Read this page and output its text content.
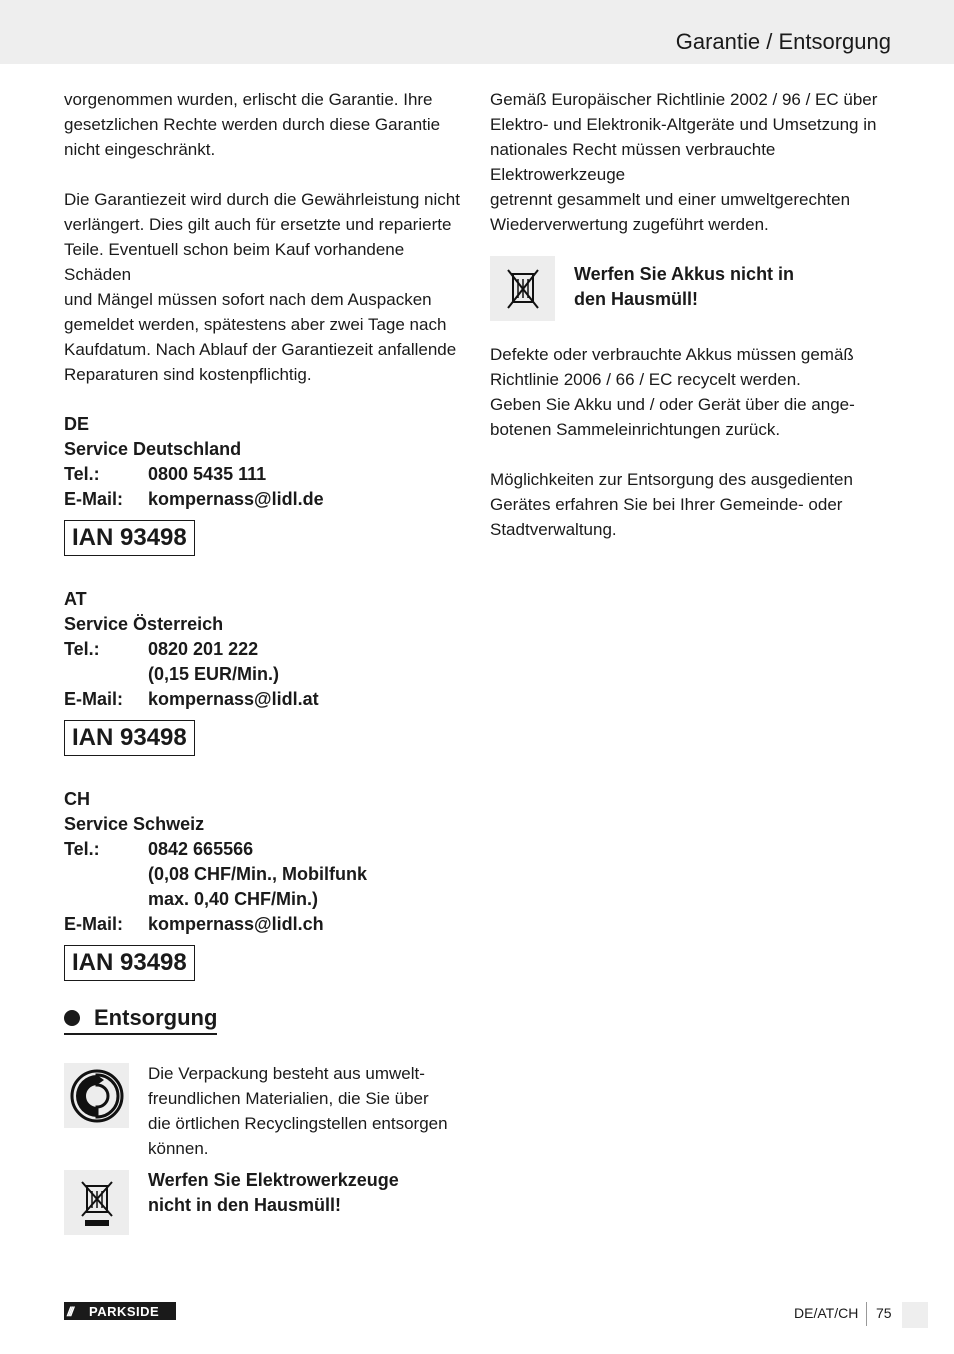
Garantie / Entsorgung

vorgenommen wurden, erlischt die Garantie. Ihre
gesetzlichen Rechte werden durch diese Garantie
nicht eingeschränkt.

Die Garantiezeit wird durch die Gewährleistung nicht
verlängert. Dies gilt auch für ersetzte und reparierte
Teile. Eventuell schon beim Kauf vorhandene Schäden
und Mängel müssen sofort nach dem Auspacken
gemeldet werden, spätestens aber zwei Tage nach
Kaufdatum. Nach Ablauf der Garantiezeit anfallende
Reparaturen sind kostenpflichtig.

DE
Service Deutschland
Tel.:	0800 5435 111
E-Mail:	kompernass@lidl.de
IAN 93498
AT
Service Österreich
Tel.:	0820 201 222
(0,15 EUR/Min.)
E-Mail:	kompernass@lidl.at
IAN 93498
CH
Service Schweiz
Tel.:	0842 665566
(0,08 CHF/Min., Mobilfunk
max. 0,40 CHF/Min.)
E-Mail:	kompernass@lidl.ch
IAN 93498
Entsorgung
Die Verpackung besteht aus umwelt-
freundlichen Materialien, die Sie über
die örtlichen Recyclingstellen entsorgen
können.
Werfen Sie Elektrowerkzeuge
nicht in den Hausmüll!

Gemäß Europäischer Richtlinie 2002 / 96 / EC über
Elektro- und Elektronik-Altgeräte und Umsetzung in
nationales Recht müssen verbrauchte Elektrowerkzeuge
getrennt gesammelt und einer umweltgerechten
Wiederverwertung zugeführt werden.

Werfen Sie Akkus nicht in
den Hausmüll!

Defekte oder verbrauchte Akkus müssen gemäß
Richtlinie 2006 / 66 / EC recycelt werden.
Geben Sie Akku und / oder Gerät über die ange-
botenen Sammeleinrichtungen zurück.

Möglichkeiten zur Entsorgung des ausgedienten
Gerätes erfahren Sie bei Ihrer Gemeinde- oder
Stadtverwaltung.

///	PARKSIDE	DE/AT/CH 75
